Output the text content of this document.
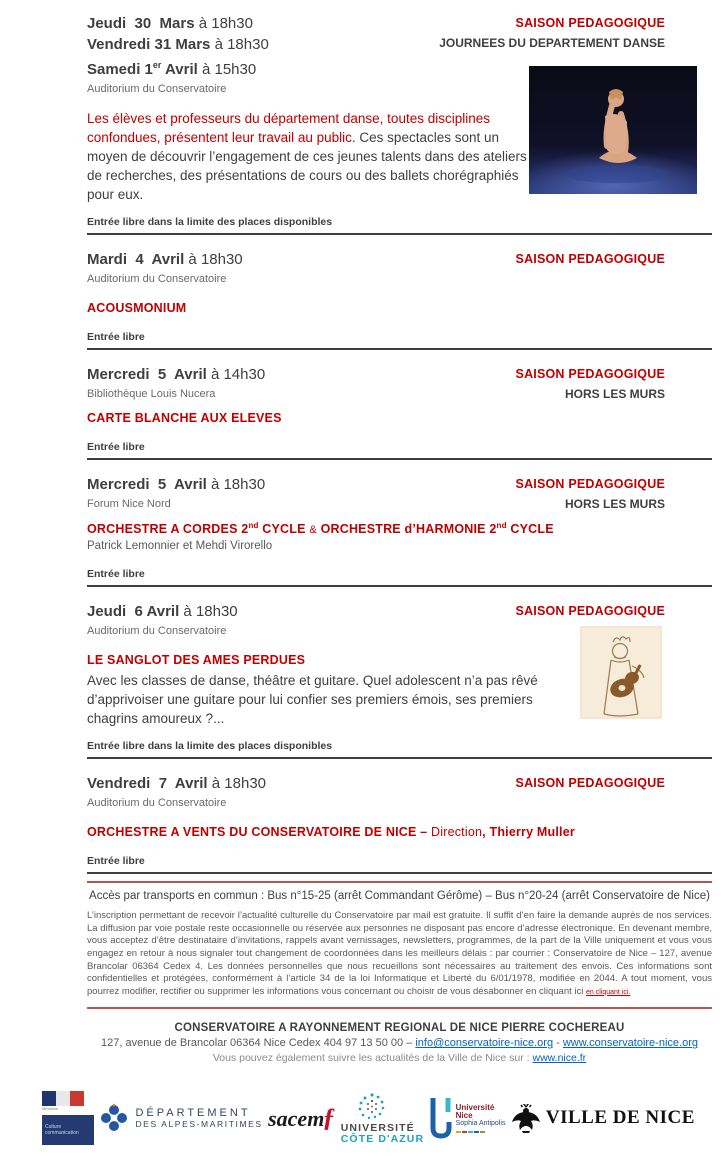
Jeudi  30  Mars à 18h30
Vendredi 31 Mars à 18h30
Samedi 1er Avril à 15h30
Auditorium du Conservatoire
SAISON PEDAGOGIQUE
JOURNEES DU DEPARTEMENT DANSE

Les élèves et professeurs du département danse, toutes disciplines confondues, présentent leur travail au public. Ces spectacles sont un moyen de découvrir l’engagement de ces jeunes talents dans des ateliers de recherches, des présentations de cours ou des ballets chorégraphiés pour eux.

Entrée libre dans la limite des places disponibles
Mardi  4  Avril à 18h30
Auditorium du Conservatoire
SAISON PEDAGOGIQUE
ACOUSMONIUM
Entrée libre
Mercredi  5  Avril à 14h30
Bibliothèque Louis Nucera
SAISON PEDAGOGIQUE
HORS LES MURS
CARTE BLANCHE AUX ELEVES
Entrée libre
Mercredi  5  Avril à 18h30
Forum Nice Nord
SAISON PEDAGOGIQUE
HORS LES MURS
ORCHESTRE A CORDES 2nd CYCLE & ORCHESTRE d’HARMONIE 2nd CYCLE
Patrick Lemonnier et Mehdi Virorello
Entrée libre
Jeudi  6 Avril à 18h30
Auditorium du Conservatoire
SAISON PEDAGOGIQUE
LE SANGLOT DES AMES PERDUES

Avec les classes de danse, théâtre et guitare. Quel adolescent n’a pas rêvé d’apprivoiser une guitare pour lui confier ses premiers émois, ses premiers chagrins amoureux ?...

Entrée libre dans la limite des places disponibles
Vendredi  7  Avril à 18h30
Auditorium du Conservatoire
SAISON PEDAGOGIQUE
ORCHESTRE A VENTS DU CONSERVATOIRE DE NICE – Direction, Thierry Muller
Entrée libre
Accès par transports en commun : Bus n°15-25 (arrêt Commandant Gérôme) – Bus n°20-24 (arrêt Conservatoire de Nice)

L’inscription permettant de recevoir l’actualité culturelle du Conservatoire par mail est gratuite. Il suffit d’en faire la demande auprès de nos services. La diffusion par voie postale reste occasionnelle ou réservée aux personnes ne disposant pas encore d’adresse électronique. En devenant membre, vous acceptez d’être destinataire d’invitations, rappels avant vernissages, newsletters, programmes, de la part de la Ville uniquement et vous vous engagez en retour à nous signaler tout changement de coordonnées dans les meilleurs délais : par courrier : Conservatoire de Nice – 127, avenue Brancolar 06364 Cedex 4. Les données personnelles que nous recueillons sont nécessaires au traitement des envois. Ces informations sont confidentielles et protégées, conformément à l’article 34 de la loi Informatique et Liberté du 6/01/1978, modifiée en 2044. A tout moment, vous pourrez modifier, rectifier ou supprimer les informations vous concernant ou choisir de vous désabonner en cliquant ici en cliquant ici.

CONSERVATOIRE A RAYONNEMENT REGIONAL DE NICE PIERRE COCHEREAU
127, avenue de Brancolar 06364 Nice Cedex 404 97 13 50 00 – info@conservatoire-nice.org - www.conservatoire-nice.org
Vous pouvez également suivre les actualités de la Ville de Nice sur : www.nice.fr
Ministère
Culture
communication
DÉPARTEMENT
DES ALPES-MARITIMES sacemƒ UNIVERSITÉ
CÔTE D'AZUR
Université
Nice
Sophia Antipolis VILLE DE NICE
